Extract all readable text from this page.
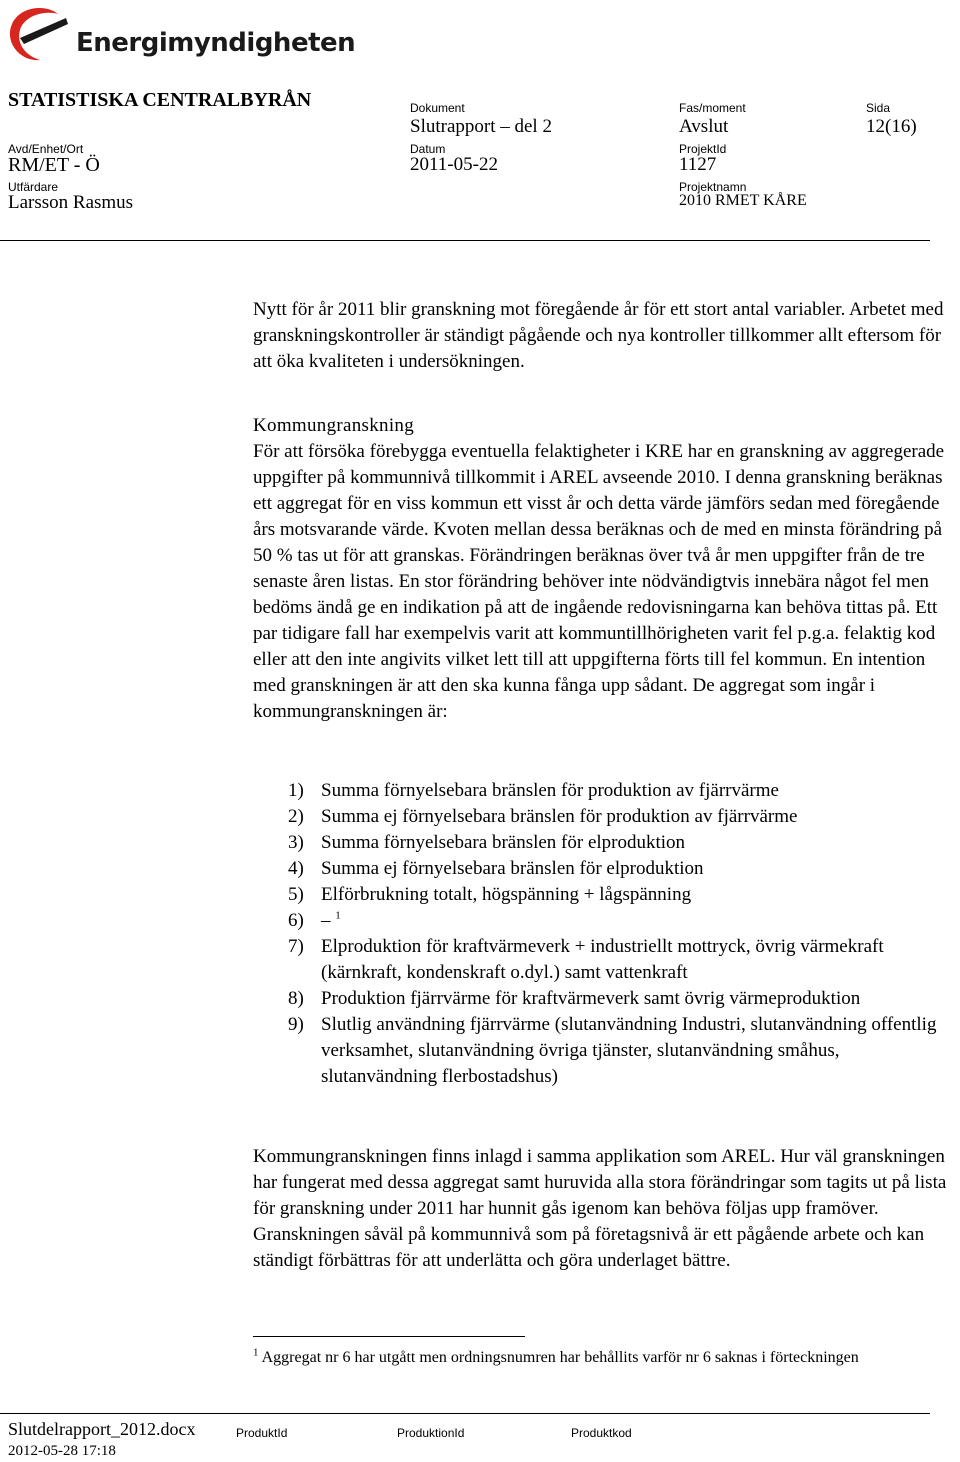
Energimyndigheten
STATISTISKA CENTRALBYRÅN	Dokument
Slutrapport – del 2
Fas/moment
Avslut
Sida
12(16)
Avd/Enhet/Ort
RM/ET - Ö
Datum
2011-05-22
ProjektId
1127
Utfärdare
Larsson Rasmus
Projektnamn
2010 RMET KÅRE

Nytt för år 2011 blir granskning mot föregående år för ett stort antal variabler. Arbetet med granskningskontroller är ständigt pågående och nya kontroller tillkommer allt eftersom för att öka kvaliteten i undersökningen.

Kommungranskning

För att försöka förebygga eventuella felaktigheter i KRE har en granskning av aggregerade uppgifter på kommunnivå tillkommit i AREL avseende 2010. I denna granskning beräknas ett aggregat för en viss kommun ett visst år och detta värde jämförs sedan med föregående års motsvarande värde. Kvoten mellan dessa beräknas och de med en minsta förändring på 50 % tas ut för att granskas. Förändringen beräknas över två år men uppgifter från de tre senaste åren listas. En stor förändring behöver inte nödvändigtvis innebära något fel men bedöms ändå ge en indikation på att de ingående redovisningarna kan behöva tittas på. Ett par tidigare fall har exempelvis varit att kommuntillhörigheten varit fel p.g.a. felaktig kod eller att den inte angivits vilket lett till att uppgifterna förts till fel kommun. En intention med granskningen är att den ska kunna fånga upp sådant. De aggregat som ingår i kommungranskningen är:

1) Summa förnyelsebara bränslen för produktion av fjärrvärme
2) Summa ej förnyelsebara bränslen för produktion av fjärrvärme
3) Summa förnyelsebara bränslen för elproduktion
4) Summa ej förnyelsebara bränslen för elproduktion
5) Elförbrukning totalt, högspänning + lågspänning
6) – $^1$
7) Elproduktion för kraftvärmeverk + industriellt mottryck, övrig värmekraft (kärnkraft, kondenskraft o.dyl.) samt vattenkraft
8) Produktion fjärrvärme för kraftvärmeverk samt övrig värmeproduktion
9) Slutlig användning fjärrvärme (slutanvändning Industri, slutanvändning offentlig verksamhet, slutanvändning övriga tjänster, slutanvändning småhus, slutanvändning flerbostadshus)

Kommungranskningen finns inlagd i samma applikation som AREL. Hur väl granskningen har fungerat med dessa aggregat samt huruvida alla stora förändringar som tagits ut på lista för granskning under 2011 har hunnit gås igenom kan behöva följas upp framöver. Granskningen såväl på kommunnivå som på företagsnivå är ett pågående arbete och kan ständigt förbättras för att underlätta och göra underlaget bättre.

$^1$ Aggregat nr 6 har utgått men ordningsnumren har behållits varför nr 6 saknas i förteckningen
Slutdelrapport_2012.docx
2012-05-28 17:18
ProduktId	ProduktionId	Produktkod
